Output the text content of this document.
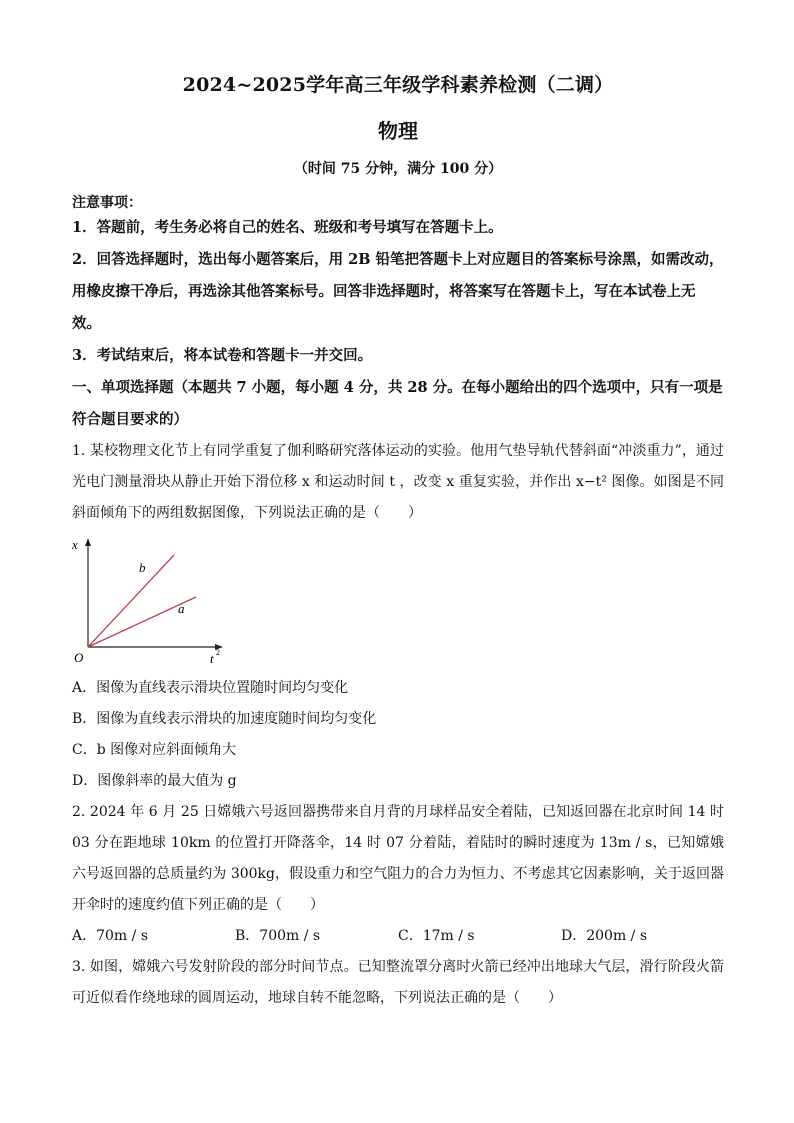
2024~2025学年高三年级学科素养检测（二调）
物理
（时间 75 分钟，满分 100 分）
注意事项：
1．答题前，考生务必将自己的姓名、班级和考号填写在答题卡上。
2．回答选择题时，选出每小题答案后，用 2B 铅笔把答题卡上对应题目的答案标号涂黑，如需改动，用橡皮擦干净后，再选涂其他答案标号。回答非选择题时，将答案写在答题卡上，写在本试卷上无效。
3．考试结束后，将本试卷和答题卡一并交回。
一、单项选择题（本题共 7 小题，每小题 4 分，共 28 分。在每小题给出的四个选项中，只有一项是符合题目要求的）
1. 某校物理文化节上有同学重复了伽利略研究落体运动的实验。他用气垫导轨代替斜面“冲淡重力”，通过光电门测量滑块从静止开始下滑位移 x 和运动时间 t ，改变 x 重复实验，并作出 x−t² 图像。如图是不同斜面倾角下的两组数据图像，下列说法正确的是（　　）
x
O	t 2
b
a
A．图像为直线表示滑块位置随时间均匀变化
B．图像为直线表示滑块的加速度随时间均匀变化
C．b 图像对应斜面倾角大
D．图像斜率的最大值为 g
2. 2024 年 6 月 25 日嫦娥六号返回器携带来自月背的月球样品安全着陆，已知返回器在北京时间 14 时 03 分在距地球 10km 的位置打开降落伞，14 时 07 分着陆，着陆时的瞬时速度为 13m / s，已知嫦娥六号返回器的总质量约为 300kg，假设重力和空气阻力的合力为恒力、不考虑其它因素影响，关于返回器开伞时的速度约值下列正确的是（　　）
A．70m / s	B．700m / s	C．17m / s	D．200m / s
3. 如图，嫦娥六号发射阶段的部分时间节点。已知整流罩分离时火箭已经冲出地球大气层，滑行阶段火箭可近似看作绕地球的圆周运动，地球自转不能忽略，下列说法正确的是（　　）
